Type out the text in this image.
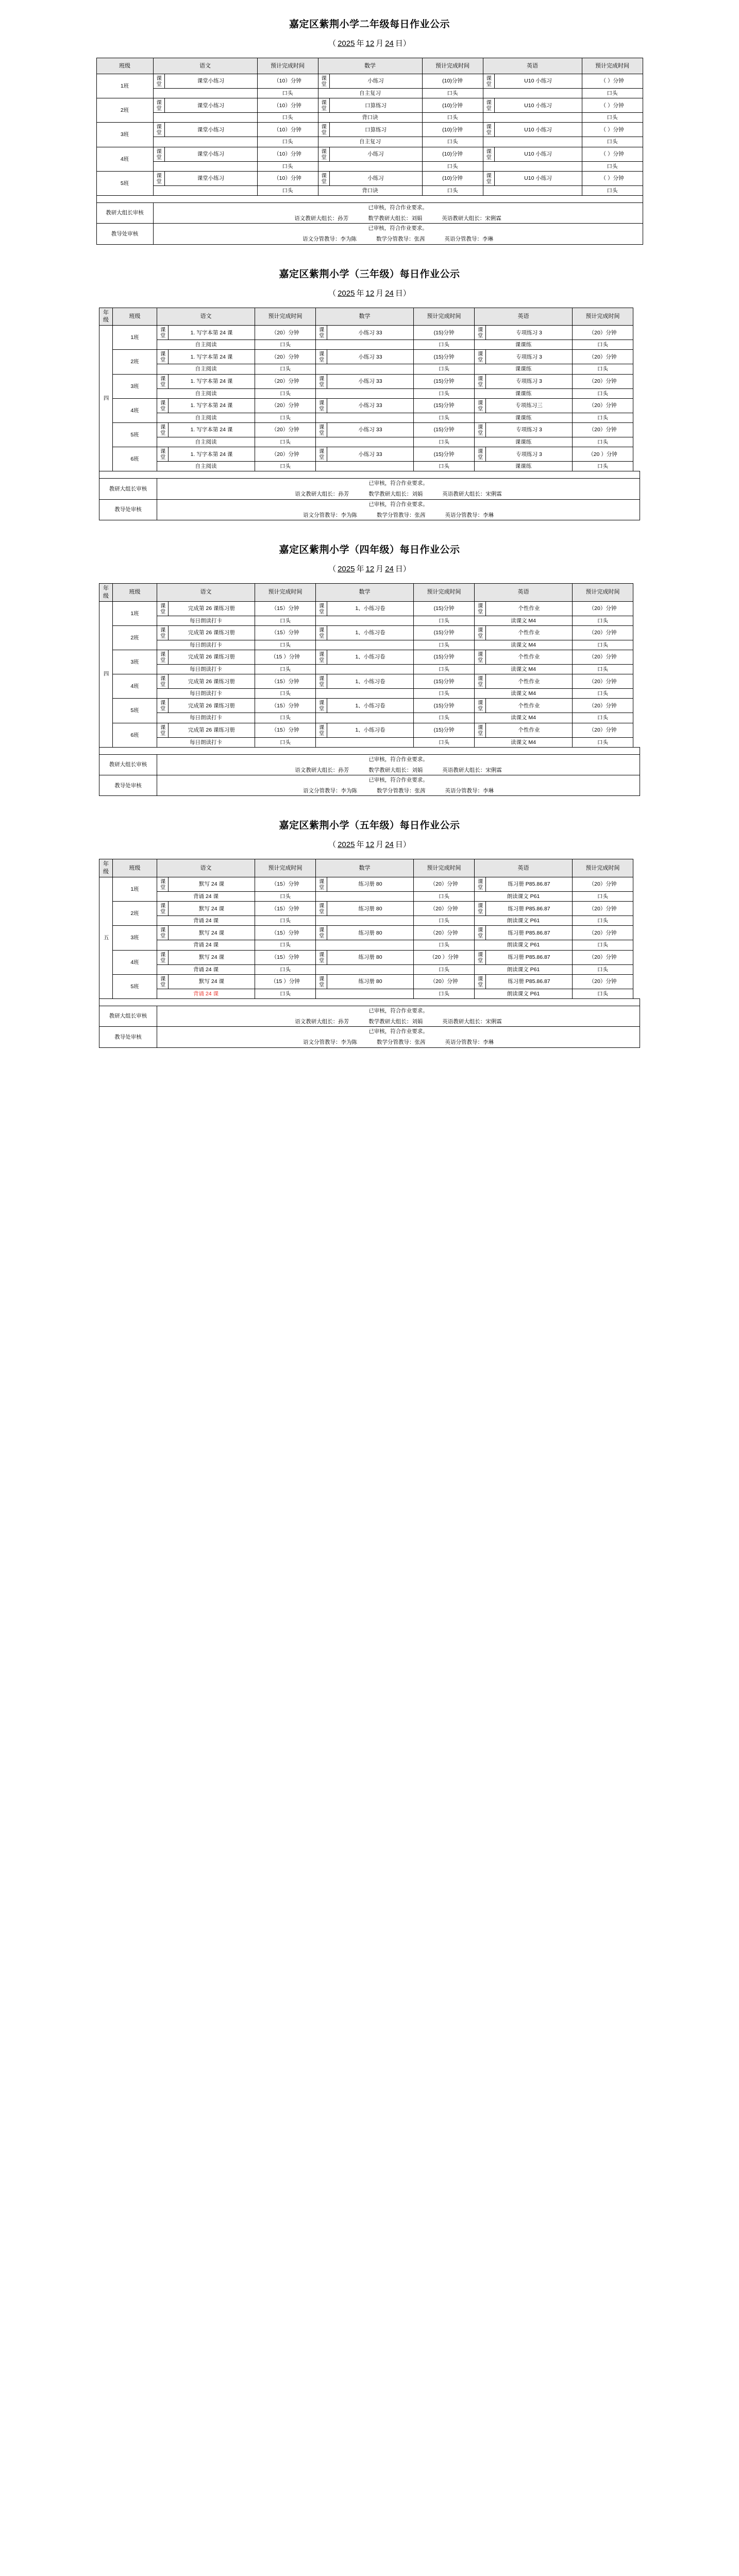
嘉定区紫荆小学二年级每日作业公示
（ 2025 年 12 月 24 日）
班级	语文		预计完成时间	数学		预计完成时间	英语		预计完成时间
1班	课堂	课堂小练习	（10）分钟	课堂	小练习	(10)分钟	课堂	U10 小练习	（ ）分钟
			口头	自主复习		口头			口头
2班	课堂	课堂小练习	（10）分钟	课堂	口算练习	(10)分钟	课堂	U10 小练习	（ ）分钟
			口头	背口诀		口头			口头
3班	课堂	课堂小练习	（10）分钟	课堂	口算练习	(10)分钟	课堂	U10 小练习	（ ）分钟
			口头	自主复习		口头			口头
4班	课堂	课堂小练习	（10）分钟	课堂	小练习	(10)分钟	课堂	U10 小练习	（ ）分钟
			口头			口头			口头
5班	课堂	课堂小练习	（10）分钟	课堂	小练习	(10)分钟	课堂	U10 小练习	（ ）分钟
			口头	背口诀		口头			口头

教研大组长审核	已审核，符合作业要求。
语文教研大组长：孙芳 数学教研大组长：刘娟 英语教研大组长：宋俐霖								

教导处审核	已审核，符合作业要求。
语文分管教导：李为陈 数学分管教导：张茜 英语分管教导：李琳								
嘉定区紫荆小学（三年级）每日作业公示
（ 2025 年 12 月 24 日）
年级	班级	语文		预计完成时间	数学		预计完成时间	英语		预计完成时间
四	1班	课堂	1. 写字本第 24 课	（20）分钟	课堂	小练习 33	(15)分钟	课堂	专项练习 3	（20）分钟
		自主阅读		口头			口头	课课练		口头
	2班	课堂	1. 写字本第 24 课	（20）分钟	课堂	小练习 33	(15)分钟	课堂	专项练习 3	（20）分钟
		自主阅读		口头			口头	课课练		口头
	3班	课堂	1. 写字本第 24 课	（20）分钟	课堂	小练习 33	(15)分钟	课堂	专项练习 3	（20）分钟
		自主阅读		口头			口头	课课练		口头
	4班	课堂	1. 写字本第 24 课	（20）分钟	课堂	小练习 33	(15)分钟	课堂	专项练习三	（20）分钟
		自主阅读		口头			口头	课课练		口头
	5班	课堂	1. 写字本第 24 课	（20）分钟	课堂	小练习 33	(15)分钟	课堂	专项练习 3	（20）分钟
		自主阅读		口头			口头	课课练		口头
	6班	课堂	1. 写字本第 24 课	（20）分钟	课堂	小练习 33	(15)分钟	课堂	专项练习 3	（20 ）分钟
		自主阅读		口头			口头	课课练		口头

教研大组长审核		已审核，符合作业要求。
语文教研大组长：孙芳 数学教研大组长：刘娟 英语教研大组长：宋俐霖								

教导处审核		已审核，符合作业要求。
语文分管教导：李为陈 数学分管教导：张茜 英语分管教导：李琳								
嘉定区紫荆小学（四年级）每日作业公示
（ 2025 年 12 月 24 日）
年级	班级	语文		预计完成时间	数学		预计完成时间	英语		预计完成时间
四	1班	课堂	完成第 26 课练习册	（15）分钟	课堂	1、小练习卷	(15)分钟	课堂	个性作业	（20）分钟
		每日朗读打卡		口头			口头	读课文 M4		口头
	2班	课堂	完成第 26 课练习册	（15）分钟	课堂	1、小练习卷	(15)分钟	课堂	个性作业	（20）分钟
		每日朗读打卡		口头			口头	读课文 M4		口头
	3班	课堂	完成第 26 课练习册	（15 ）分钟	课堂	1、小练习卷	(15)分钟	课堂	个性作业	（20）分钟
		每日朗读打卡		口头			口头	读课文 M4		口头
	4班	课堂	完成第 26 课练习册	（15）分钟	课堂	1、小练习卷	(15)分钟	课堂	个性作业	（20）分钟
		每日朗读打卡		口头			口头	读课文 M4		口头
	5班	课堂	完成第 26 课练习册	（15）分钟	课堂	1、小练习卷	(15)分钟	课堂	个性作业	（20）分钟
		每日朗读打卡		口头			口头	读课文 M4		口头
	6班	课堂	完成第 26 课练习册	（15）分钟	课堂	1、小练习卷	(15)分钟	课堂	个性作业	（20）分钟
		每日朗读打卡		口头			口头	读课文 M4		口头

教研大组长审核		已审核，符合作业要求。
语文教研大组长：孙芳 数学教研大组长：刘娟 英语教研大组长：宋俐霖								

教导处审核		已审核，符合作业要求。
语文分管教导：李为陈 数学分管教导：张茜 英语分管教导：李琳								
嘉定区紫荆小学（五年级）每日作业公示
（ 2025 年 12 月 24 日）
年级	班级	语文		预计完成时间	数学		预计完成时间	英语		预计完成时间
五	1班	课堂	默写 24 课	（15）分钟	课堂	练习册 80	（20）分钟	课堂	练习册 P85.86.87	（20）分钟
		背诵 24 课		口头			口头	朗读课文 P61		口头
	2班	课堂	默写 24 课	（15）分钟	课堂	练习册 80	（20）分钟	课堂	练习册 P85.86.87	（20）分钟
		背诵 24 课		口头			口头	朗读课文 P61		口头
	3班	课堂	默写 24 课	（15）分钟	课堂	练习册 80	（20）分钟	课堂	练习册 P85.86.87	（20）分钟
		背诵 24 课		口头			口头	朗读课文 P61		口头
	4班	课堂	默写 24 课	（15）分钟	课堂	练习册 80	（20 ）分钟	课堂	练习册 P85.86.87	（20）分钟
		背诵 24 课		口头			口头	朗读课文 P61		口头
	5班	课堂	默写 24 课	（15 ）分钟	课堂	练习册 80	（20）分钟	课堂	练习册 P85.86.87	（20）分钟
		背诵 24 课		口头			口头	朗读课文 P61		口头

教研大组长审核		已审核，符合作业要求。
语文教研大组长：孙芳 数学教研大组长：刘娟 英语教研大组长：宋俐霖								

教导处审核		已审核，符合作业要求。
语文分管教导：李为陈 数学分管教导：张茜 英语分管教导：李琳								
